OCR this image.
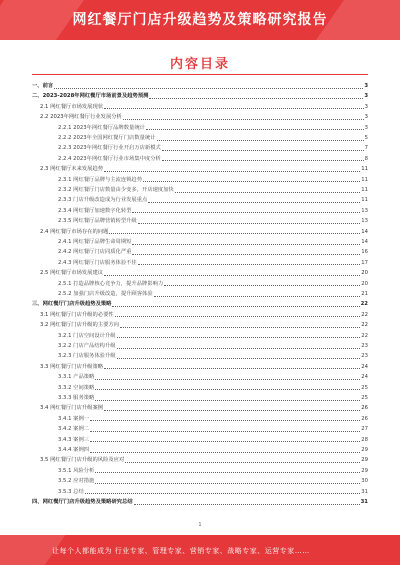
网红餐厅门店升级趋势及策略研究报告
内容目录
一、前言	3
二、2023-2028年网红餐厅市场前景及趋势预测	3
2.1 网红餐厅市场发展现状	3
2.2 2023年网红餐厅行业发展分析	3
2.2.1 2023年网红餐厅品牌数量统计	3
2.2.2 2023年全国网红餐厅门店数量统计	5
2.2.3 2023年网红餐厅行业开启万店新模式	7
2.2.4 2023年网红餐厅行业市场集中度分析	8
2.3 网红餐厅未来发展趋势	11
2.3.1 网红餐厅品牌与主流连锁趋势	11
2.3.2 网红餐厅门店数量由少变多，开店速度加快	11
2.3.3 门店升级改造成为行业发展重点	11
2.3.4 网红餐厅加速数字化转型	13
2.3.5 网红餐厅品牌营销转型升级	13
2.4 网红餐厅市场存在的问题	14
2.4.1 网红餐厅品牌生命周期短	14
2.4.2 网红餐厅门店同质化严重	16
2.4.3 网红餐厅门店服务体验不佳	17
2.5 网红餐厅市场发展建议	20
2.5.1 打造品牌核心竞争力，提升品牌影响力	20
2.5.2 加强门店升级改造，提升顾客体验	21
三、网红餐厅门店升级趋势及策略	22
3.1 网红餐厅门店升级的必要性	22
3.2 网红餐厅门店升级的主要方向	22
3.2.1 门店空间设计升级	22
3.2.2 门店产品结构升级	23
3.2.3 门店服务体验升级	23
3.3 网红餐厅门店升级策略	24
3.3.1 产品策略	24
3.3.2 空间策略	25
3.3.3 服务策略	25
3.4 网红餐厅门店升级案例	26
3.4.1 案例一	26
3.4.2 案例二	27
3.4.3 案例三	28
3.4.4 案例四	29
3.5 网红餐厅门店升级的风险及应对	29
3.5.1 风险分析	29
3.5.2 应对措施	30
3.5.3 总结	31
四、网红餐厅门店升级趋势及策略研究总结	31
1
让每个人都能成为 行业专家、管理专家、营销专家、战略专家、运营专家……
